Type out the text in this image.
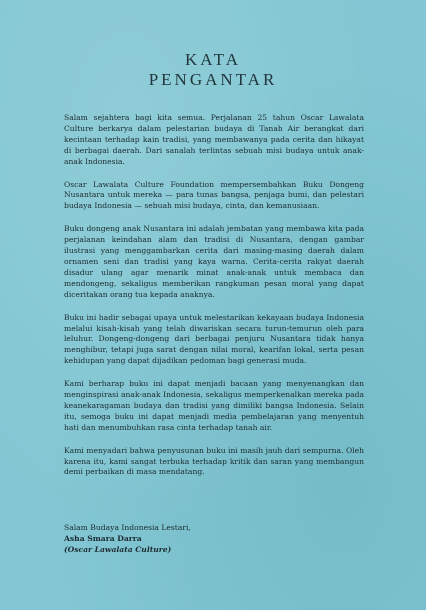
KATA
PENGANTAR

Salam sejahtera bagi kita semua. Perjalanan 25 tahun Oscar Lawalata Culture berkarya dalam pelestarian budaya di Tanah Air berangkat dari kecintaan terhadap kain tradisi, yang membawanya pada cerita dan hikayat di berbagai daerah. Dari sanalah terlintas sebuah misi budaya untuk anak-anak Indonesia.

Oscar Lawalata Culture Foundation mempersembahkan Buku Dongeng Nusantara untuk mereka — para tunas bangsa, penjaga bumi, dan pelestari budaya Indonesia — sebuah misi budaya, cinta, dan kemanusiaan.

Buku dongeng anak Nusantara ini adalah jembatan yang membawa kita pada perjalanan keindahan alam dan tradisi di Nusantara, dengan gambar ilustrasi yang menggambarkan cerita dari masing-masing daerah dalam ornamen seni dan tradisi yang kaya warna. Cerita-cerita rakyat daerah disadur ulang agar menarik minat anak-anak untuk membaca dan mendongeng, sekaligus memberikan rangkuman pesan moral yang dapat diceritakan orang tua kepada anaknya.

Buku ini hadir sebagai upaya untuk melestarikan kekayaan budaya Indonesia melalui kisah-kisah yang telah diwariskan secara turun-temurun oleh para leluhur. Dongeng-dongeng dari berbagai penjuru Nusantara tidak hanya menghibur, tetapi juga sarat dengan nilai moral, kearifan lokal, serta pesan kehidupan yang dapat dijadikan pedoman bagi generasi muda.

Kami berharap buku ini dapat menjadi bacaan yang menyenangkan dan menginspirasi anak-anak Indonesia, sekaligus memperkenalkan mereka pada keanekaragaman budaya dan tradisi yang dimiliki bangsa Indonesia. Selain itu, semoga buku ini dapat menjadi media pembelajaran yang menyentuh hati dan menumbuhkan rasa cinta terhadap tanah air.

Kami menyadari bahwa penyusunan buku ini masih jauh dari sempurna. Oleh karena itu, kami sangat terbuka terhadap kritik dan saran yang membangun demi perbaikan di masa mendatang.

Salam Budaya Indonesia Lestari,
Asha Smara Darra
(Oscar Lawalata Culture)
